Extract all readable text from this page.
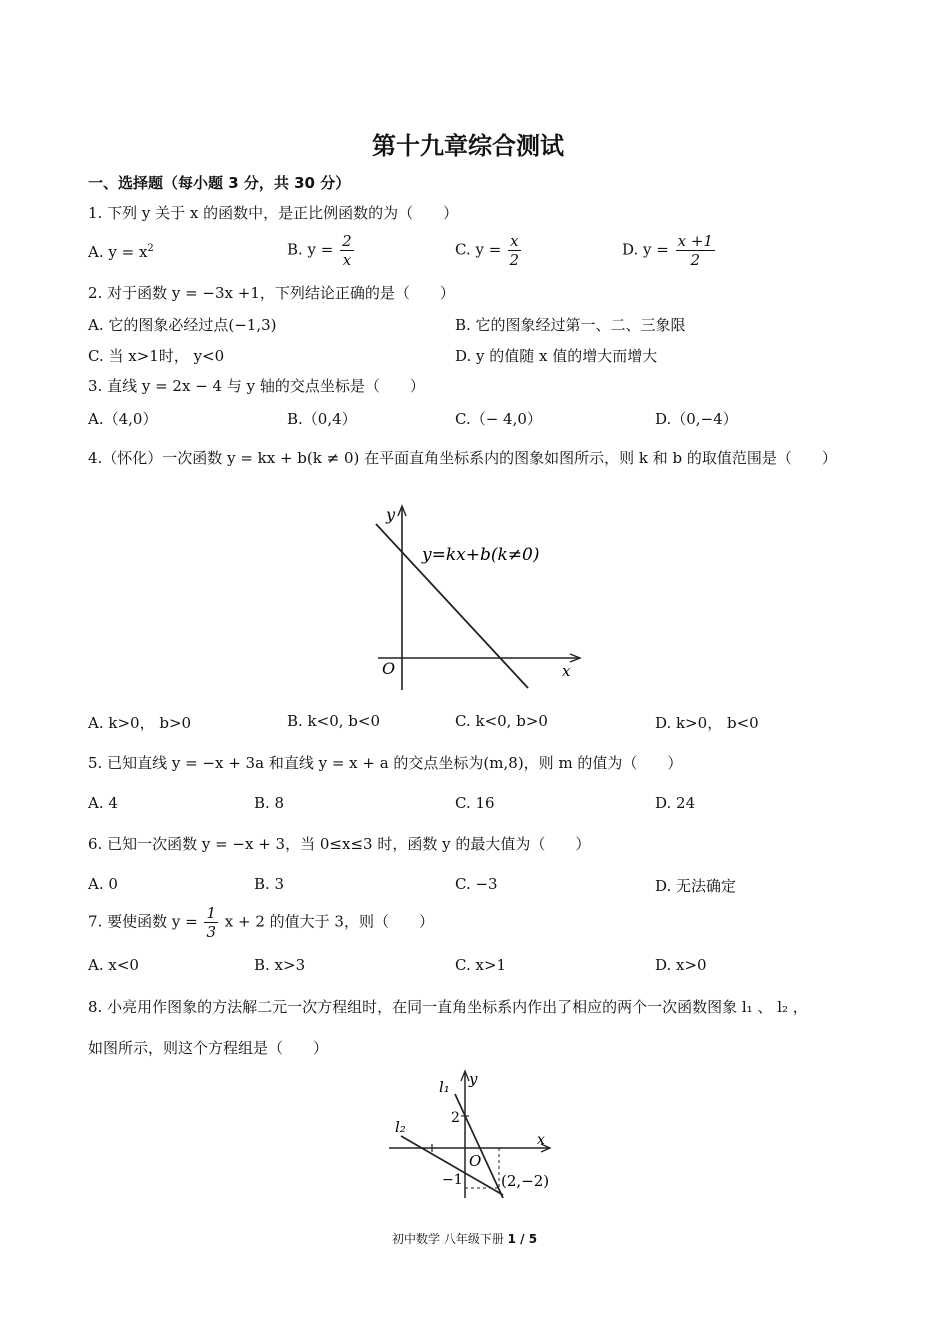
第十九章综合测试
一、选择题（每小题 3 分，共 30 分）
1. 下列 y 关于 x 的函数中，是正比例函数的为（　　）
A. $y = x^2$	B. $y = \frac{2}{x}$	C. $y = \frac{x}{2}$	D. $y = \frac{x +1}{2}$
2. 对于函数 y = −3x +1，下列结论正确的是（　　）
A. 它的图象必经过点(−1,3)	B. 它的图象经过第一、二、三象限
C. 当 x>1时， y<0	D. y 的值随 x 值的增大而增大
3. 直线 y = 2x − 4 与 y 轴的交点坐标是（　　）
A.（4,0）	B.（0,4）	C.（− 4,0）	D.（0,−4）
4.（怀化）一次函数 y = kx + b(k ≠ 0) 在平面直角坐标系内的图象如图所示，则 k 和 b 的取值范围是（　　）
y
x
O
y=kx+b(k≠0)
A. k>0， b>0	B. k<0, b<0	C. k<0, b>0	D. k>0， b<0
5. 已知直线 y = −x + 3a 和直线 y = x + a 的交点坐标为(m,8)，则 m 的值为（　　）
A. 4	B. 8	C. 16	D. 24
6. 已知一次函数 y = −x + 3，当 0≤x≤3 时，函数 y 的最大值为（　　）
A. 0	B. 3	C. −3	D. 无法确定
7. 要使函数 $y = \frac{1}{3}$ x + 2 的值大于 3，则（　　）
A. x<0	B. x>3	C. x>1	D. x>0
8. 小亮用作图象的方法解二元一次方程组时，在同一直角坐标系内作出了相应的两个一次函数图象 l₁ 、 l₂ ，
如图所示，则这个方程组是（　　）
y
x
O
2
−1	(2,−2)
l₁
l₂
初中数学 八年级下册 1 / 5
